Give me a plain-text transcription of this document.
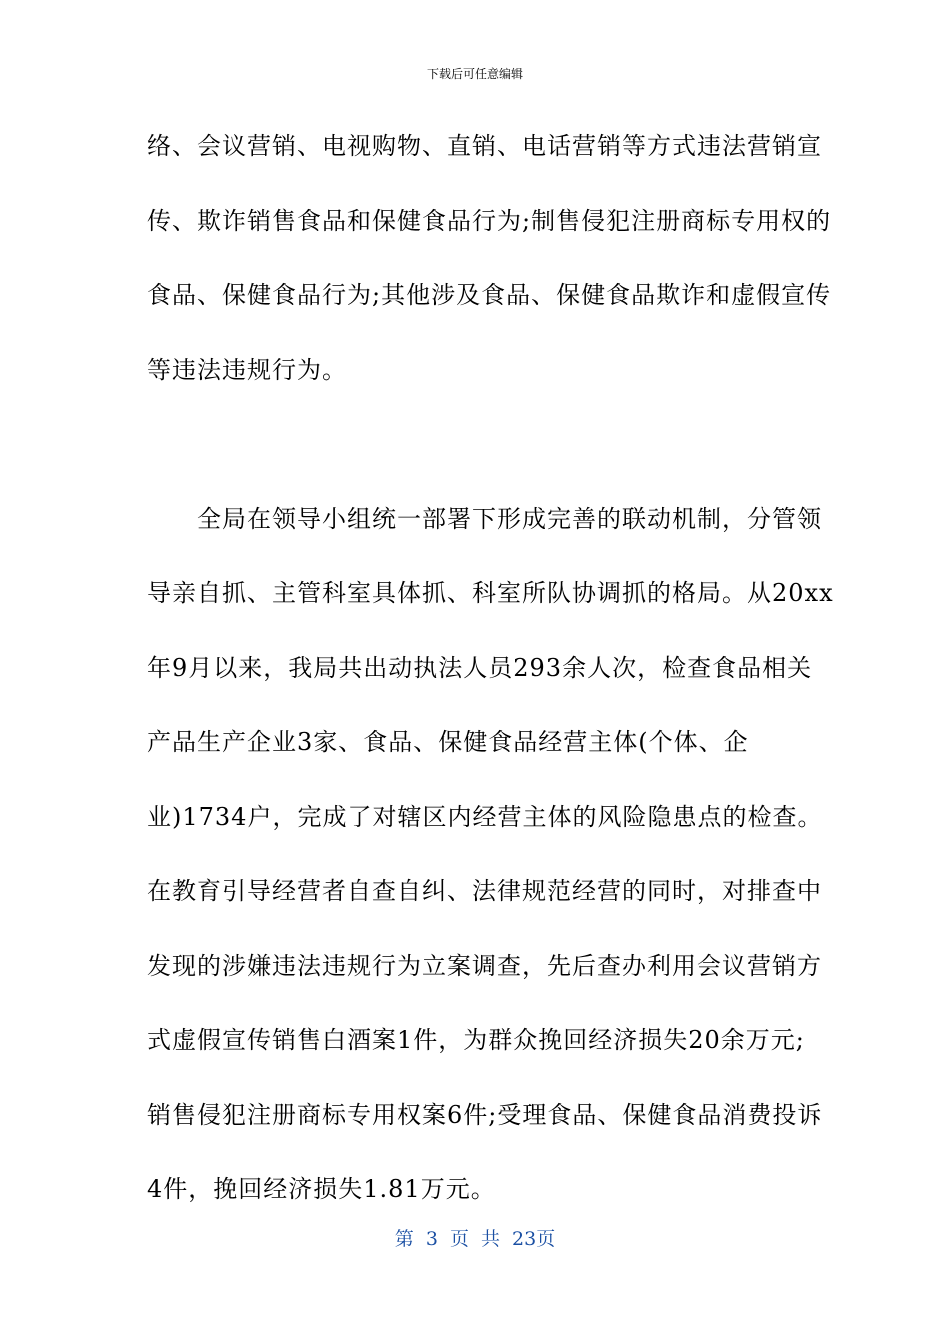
下载后可任意编辑
络、会议营销、电视购物、直销、电话营销等方式违法营销宣
传、欺诈销售食品和保健食品行为;制售侵犯注册商标专用权的
食品、保健食品行为;其他涉及食品、保健食品欺诈和虚假宣传
等违法违规行为。
　　全局在领导小组统一部署下形成完善的联动机制，分管领
导亲自抓、主管科室具体抓、科室所队协调抓的格局。从20xx
年9月以来，我局共出动执法人员293余人次，检查食品相关
产品生产企业3家、食品、保健食品经营主体(个体、企
业)1734户，完成了对辖区内经营主体的风险隐患点的检查。
在教育引导经营者自查自纠、法律规范经营的同时，对排查中
发现的涉嫌违法违规行为立案调查，先后查办利用会议营销方
式虚假宣传销售白酒案1件，为群众挽回经济损失20余万元;
销售侵犯注册商标专用权案6件;受理食品、保健食品消费投诉
4件，挽回经济损失1.81万元。
第 3 页 共 23页
